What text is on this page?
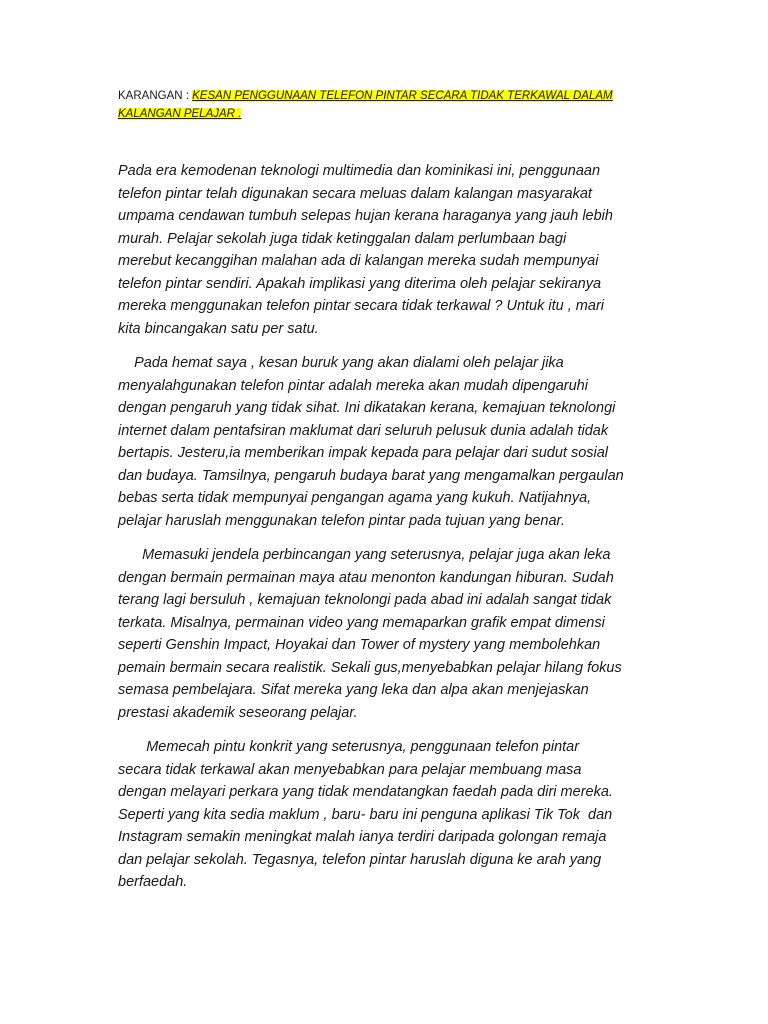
KARANGAN : KESAN PENGGUNAAN TELEFON PINTAR SECARA TIDAK TERKAWAL DALAM KALANGAN PELAJAR .

Pada era kemodenan teknologi multimedia dan kominikasi ini, penggunaan
telefon pintar telah digunakan secara meluas dalam kalangan masyarakat
umpama cendawan tumbuh selepas hujan kerana haraganya yang jauh lebih
murah. Pelajar sekolah juga tidak ketinggalan dalam perlumbaan bagi
merebut kecanggihan malahan ada di kalangan mereka sudah mempunyai
telefon pintar sendiri. Apakah implikasi yang diterima oleh pelajar sekiranya
mereka menggunakan telefon pintar secara tidak terkawal ? Untuk itu , mari
kita bincangakan satu per satu.

Pada hemat saya , kesan buruk yang akan dialami oleh pelajar jika
menyalahgunakan telefon pintar adalah mereka akan mudah dipengaruhi
dengan pengaruh yang tidak sihat. Ini dikatakan kerana, kemajuan teknolongi
internet dalam pentafsiran maklumat dari seluruh pelusuk dunia adalah tidak
bertapis. Jesteru,ia memberikan impak kepada para pelajar dari sudut sosial
dan budaya. Tamsilnya, pengaruh budaya barat yang mengamalkan pergaulan
bebas serta tidak mempunyai pengangan agama yang kukuh. Natijahnya,
pelajar haruslah menggunakan telefon pintar pada tujuan yang benar.

Memasuki jendela perbincangan yang seterusnya, pelajar juga akan leka
dengan bermain permainan maya atau menonton kandungan hiburan. Sudah
terang lagi bersuluh , kemajuan teknolongi pada abad ini adalah sangat tidak
terkata. Misalnya, permainan video yang memaparkan grafik empat dimensi
seperti Genshin Impact, Hoyakai dan Tower of mystery yang membolehkan
pemain bermain secara realistik. Sekali gus,menyebabkan pelajar hilang fokus
semasa pembelajara. Sifat mereka yang leka dan alpa akan menjejaskan
prestasi akademik seseorang pelajar.

Memecah pintu konkrit yang seterusnya, penggunaan telefon pintar
secara tidak terkawal akan menyebabkan para pelajar membuang masa
dengan melayari perkara yang tidak mendatangkan faedah pada diri mereka.
Seperti yang kita sedia maklum , baru- baru ini penguna aplikasi Tik Tok  dan
Instagram semakin meningkat malah ianya terdiri daripada golongan remaja
dan pelajar sekolah. Tegasnya, telefon pintar haruslah diguna ke arah yang
berfaedah.
